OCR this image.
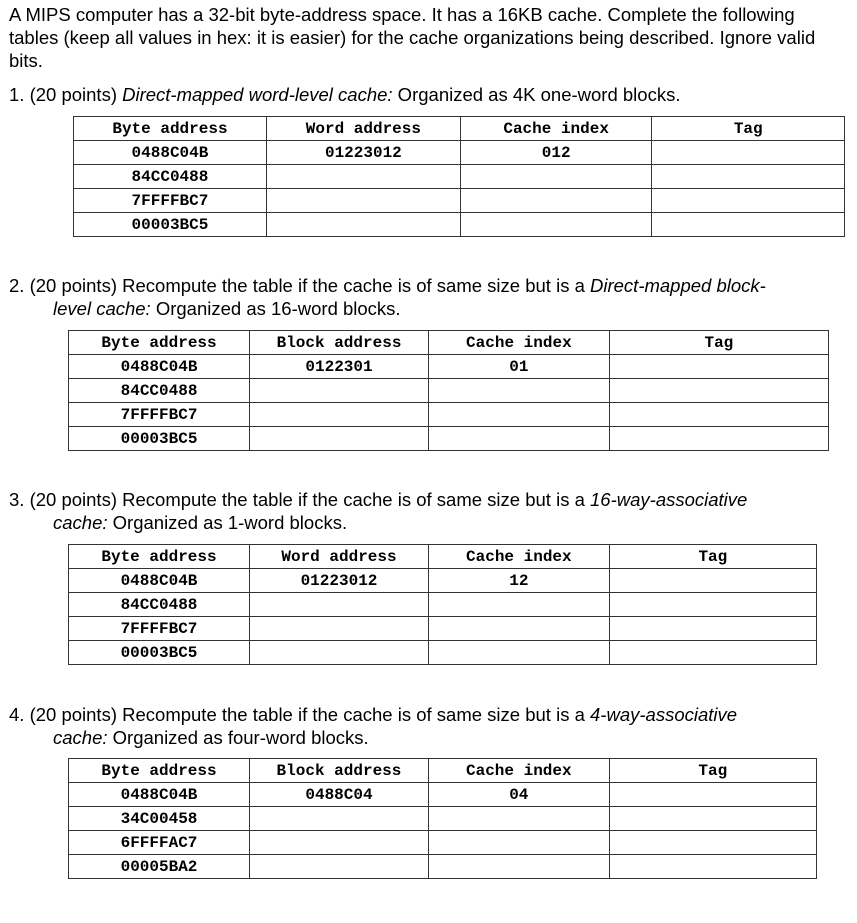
A MIPS computer has a 32-bit byte-address space. It has a 16KB cache. Complete the following tables (keep all values in hex: it is easier) for the cache organizations being described. Ignore valid bits.
1. (20 points) Direct-mapped word-level cache: Organized as 4K one-word blocks.
Byte address	Word address	Cache index	Tag
0488C04B	01223012	012	
84CC0488			
7FFFFBC7			
00003BC5			
2. (20 points) Recompute the table if the cache is of same size but is a Direct-mapped block-
level cache: Organized as 16-word blocks.
Byte address	Block address	Cache index	Tag
0488C04B	0122301	01	
84CC0488			
7FFFFBC7			
00003BC5			
3. (20 points) Recompute the table if the cache is of same size but is a 16-way-associative
cache: Organized as 1-word blocks.
Byte address	Word address	Cache index	Tag
0488C04B	01223012	12	
84CC0488			
7FFFFBC7			
00003BC5			
4. (20 points) Recompute the table if the cache is of same size but is a 4-way-associative
cache: Organized as four-word blocks.
Byte address	Block address	Cache index	Tag
0488C04B	0488C04	04	
34C00458			
6FFFFAC7			
00005BA2			
